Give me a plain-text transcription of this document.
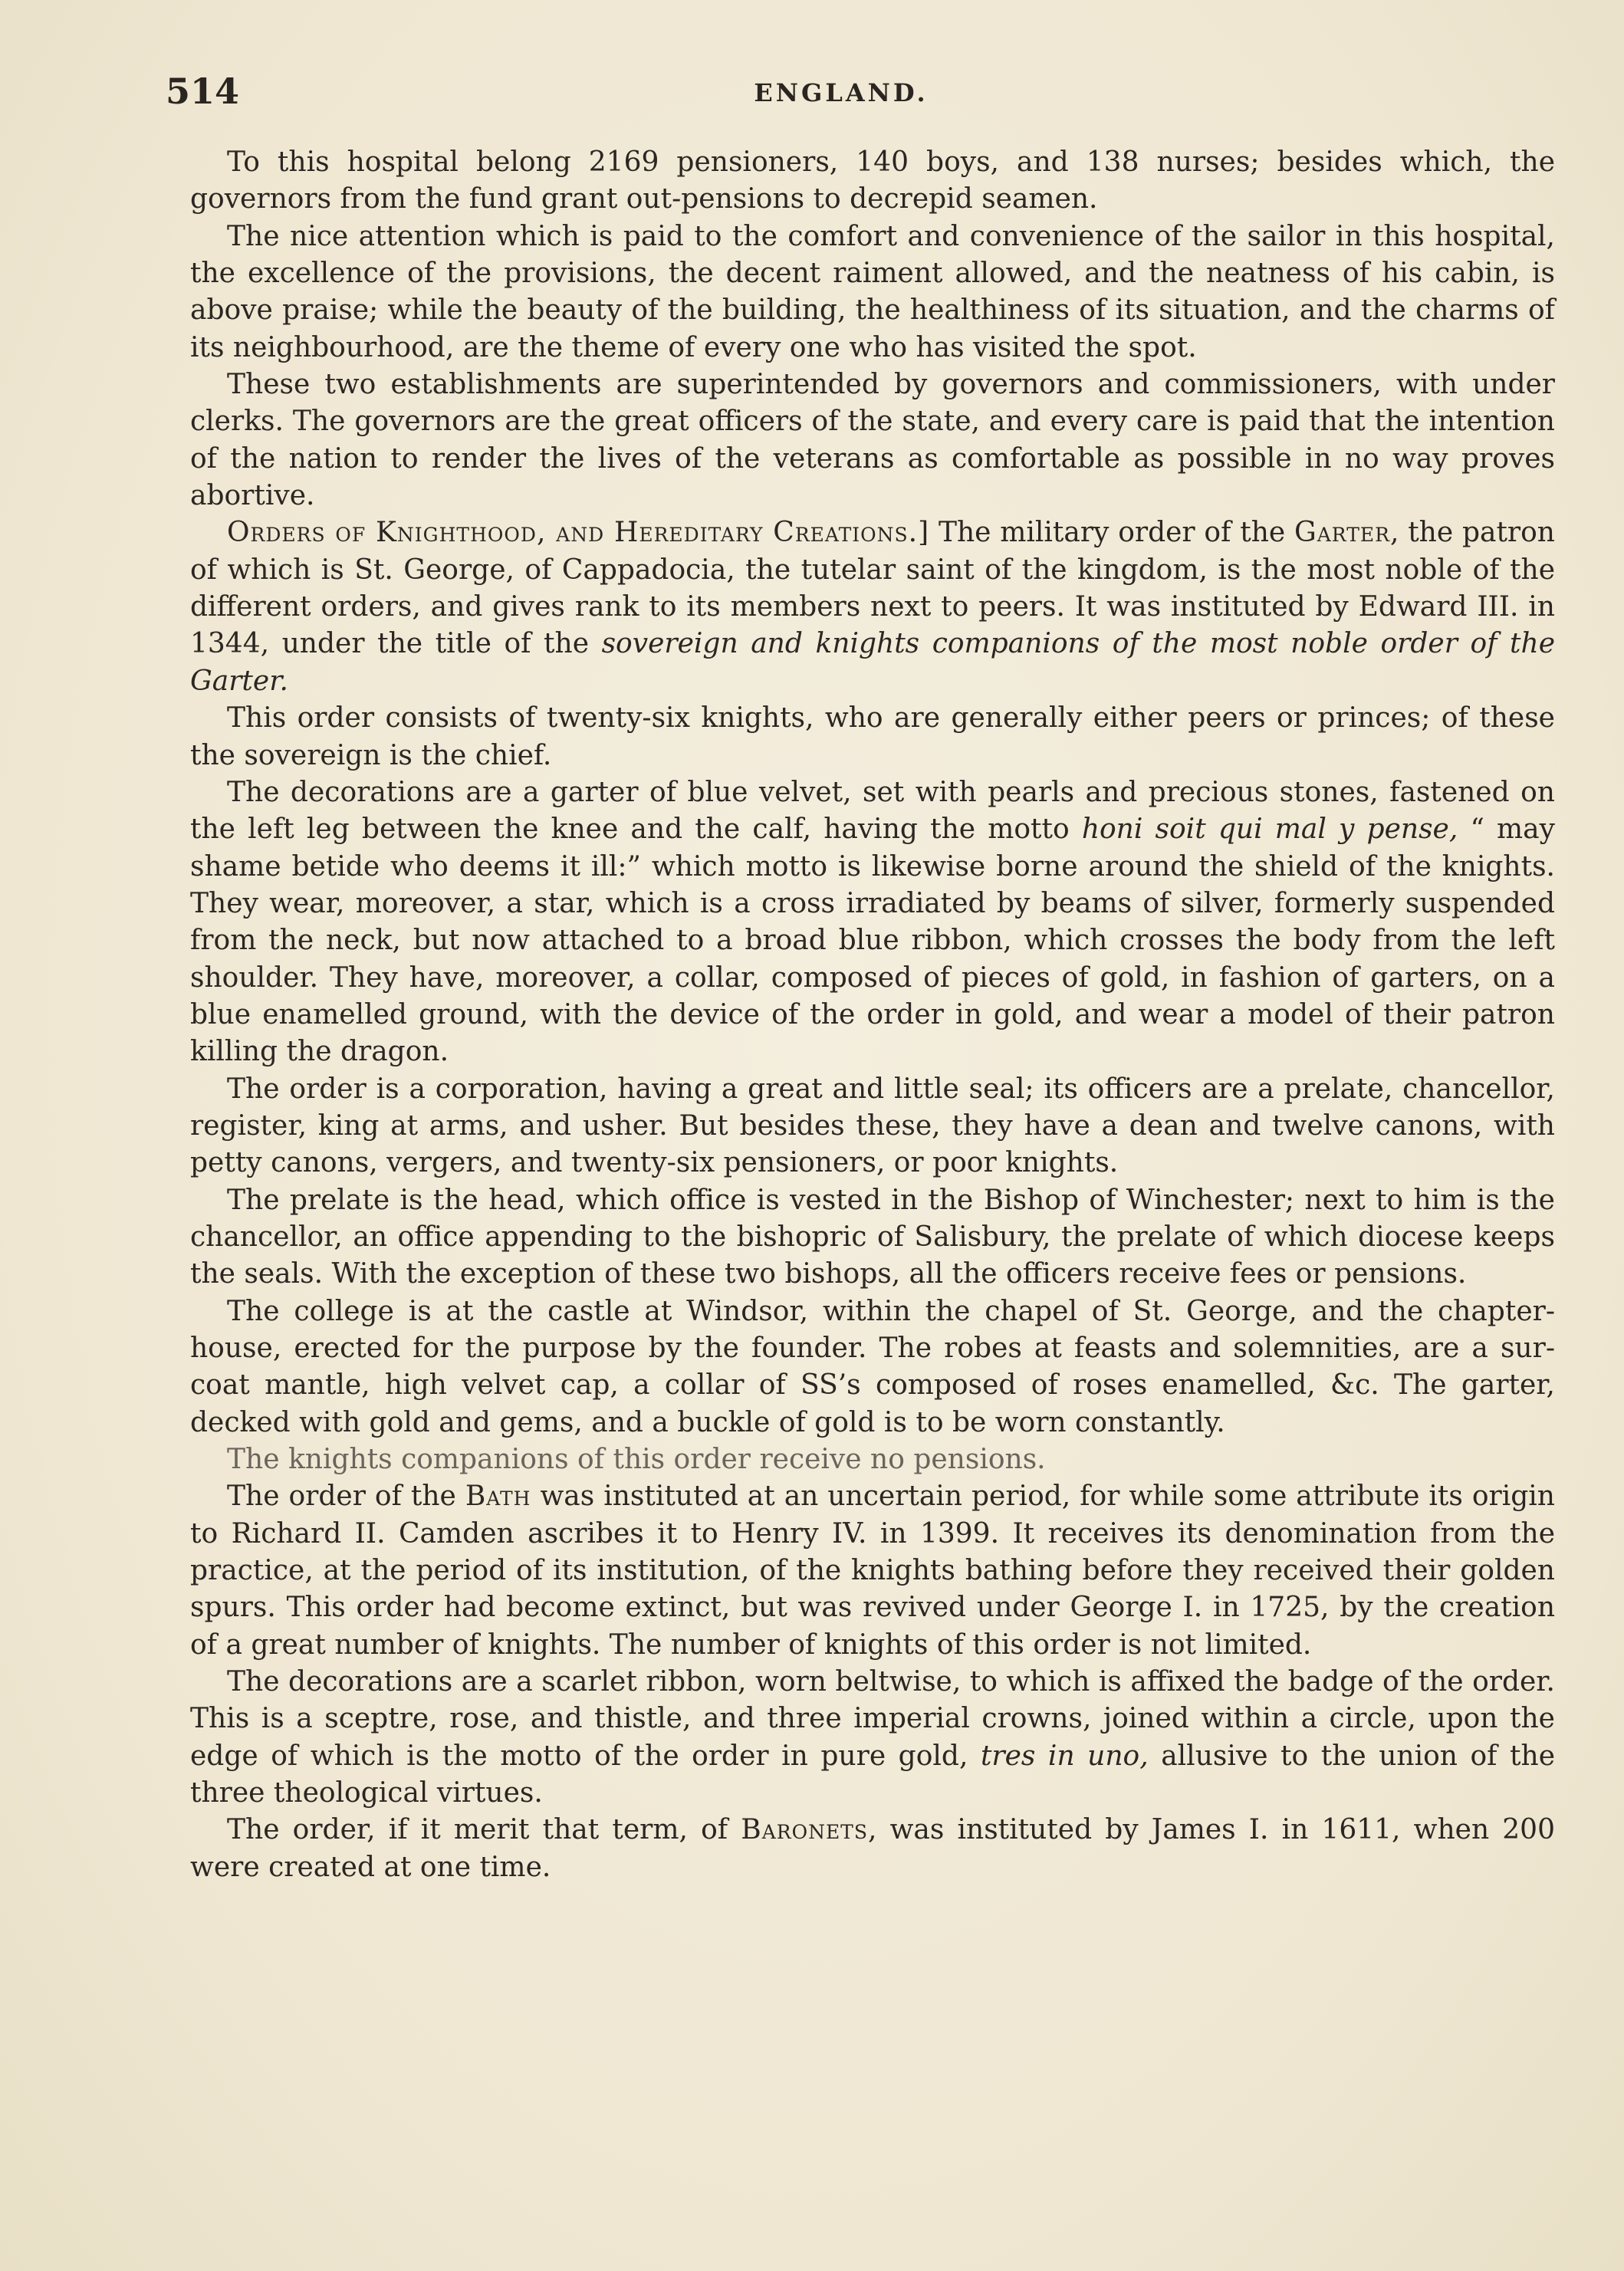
514	ENGLAND.

To this hospital belong 2169 pensioners, 140 boys, and 138 nurses; besides which, the governors from the fund grant out-pensions to decrepid seamen.

The nice attention which is paid to the comfort and convenience of the sailor in this hospital, the excellence of the provisions, the decent raiment allowed, and the neatness of his cabin, is above praise; while the beauty of the building, the healthiness of its situation, and the charms of its neighbourhood, are the theme of every one who has visited the spot.

These two establishments are superintended by governors and commissioners, with under clerks. The governors are the great officers of the state, and every care is paid that the intention of the nation to render the lives of the veterans as comfortable as possible in no way proves abortive.

Orders of Knighthood, and Hereditary Creations.] The military order of the Garter, the patron of which is St. George, of Cappadocia, the tutelar saint of the kingdom, is the most noble of the different orders, and gives rank to its members next to peers. It was instituted by Edward III. in 1344, under the title of the sovereign and knights companions of the most noble order of the Garter.

This order consists of twenty-six knights, who are generally either peers or princes; of these the sovereign is the chief.

The decorations are a garter of blue velvet, set with pearls and precious stones, fastened on the left leg between the knee and the calf, having the motto honi soit qui mal y pense, “ may shame betide who deems it ill:” which motto is likewise borne around the shield of the knights. They wear, moreover, a star, which is a cross irradiated by beams of silver, formerly suspended from the neck, but now attached to a broad blue ribbon, which crosses the body from the left shoulder. They have, moreover, a collar, composed of pieces of gold, in fashion of garters, on a blue enamelled ground, with the device of the order in gold, and wear a model of their patron killing the dragon.

The order is a corporation, having a great and little seal; its officers are a prelate, chancellor, register, king at arms, and usher. But besides these, they have a dean and twelve canons, with petty canons, vergers, and twenty-six pensioners, or poor knights.

The prelate is the head, which office is vested in the Bishop of Winchester; next to him is the chancellor, an office appending to the bishopric of Salisbury, the prelate of which diocese keeps the seals. With the exception of these two bishops, all the officers receive fees or pensions.

The college is at the castle at Windsor, within the chapel of St. George, and the chapter-house, erected for the purpose by the founder. The robes at feasts and solemnities, are a sur-coat mantle, high velvet cap, a collar of SS’s composed of roses enamelled, &c. The garter, decked with gold and gems, and a buckle of gold is to be worn constantly.

The knights companions of this order receive no pensions.

The order of the Bath was instituted at an uncertain period, for while some attribute its origin to Richard II. Camden ascribes it to Henry IV. in 1399. It receives its denomination from the practice, at the period of its institution, of the knights bathing before they received their golden spurs. This order had become extinct, but was revived under George I. in 1725, by the creation of a great number of knights. The number of knights of this order is not limited.

The decorations are a scarlet ribbon, worn beltwise, to which is affixed the badge of the order. This is a sceptre, rose, and thistle, and three imperial crowns, joined within a circle, upon the edge of which is the motto of the order in pure gold, tres in uno, allusive to the union of the three theological virtues.

The order, if it merit that term, of Baronets, was instituted by James I. in 1611, when 200 were created at one time.
